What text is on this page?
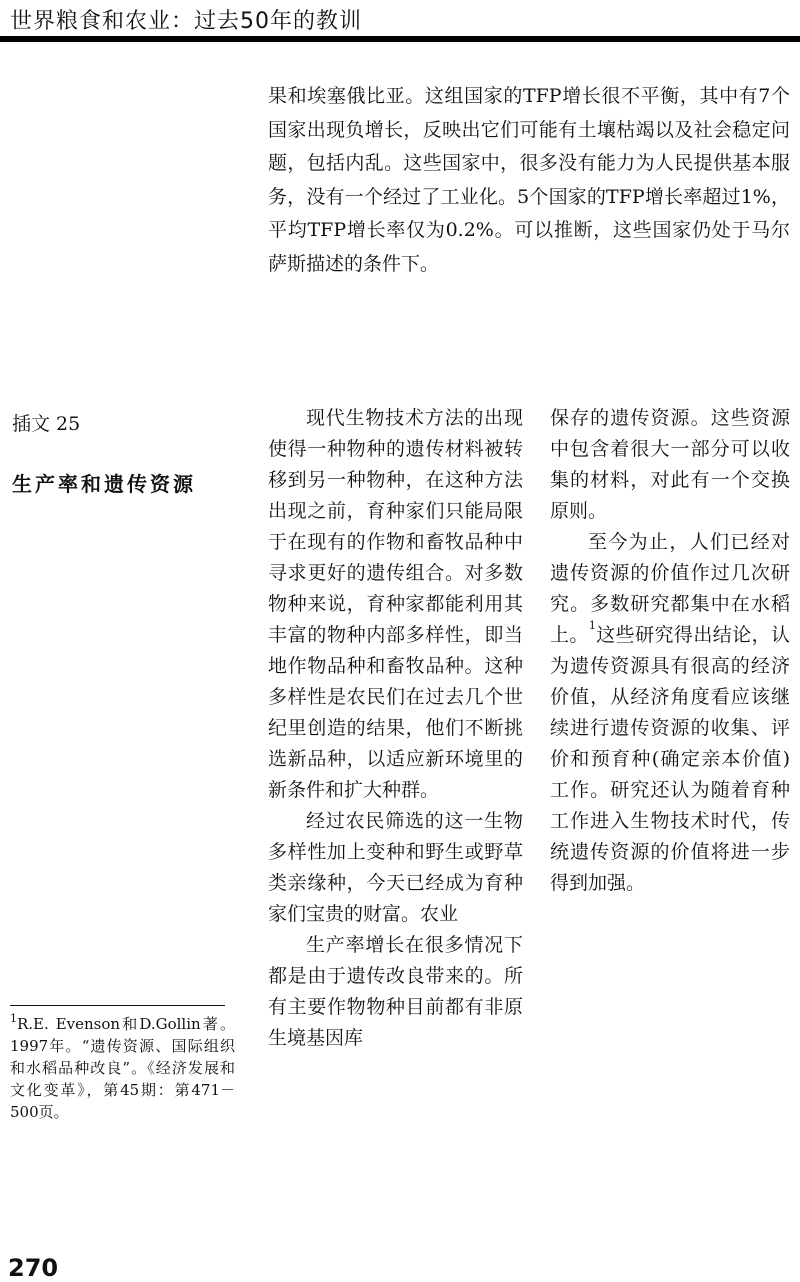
世界粮食和农业：过去50年的教训

果和埃塞俄比亚。这组国家的TFP增长很不平衡，其中有7个国家出现负增长，反映出它们可能有土壤枯竭以及社会稳定问题，包括内乱。这些国家中，很多没有能力为人民提供基本服务，没有一个经过了工业化。5个国家的TFP增长率超过1%，平均TFP增长率仅为0.2%。可以推断，这些国家仍处于马尔萨斯描述的条件下。

插文 25
生产率和遗传资源

现代生物技术方法的出现使得一种物种的遗传材料被转移到另一种物种，在这种方法出现之前，育种家们只能局限于在现有的作物和畜牧品种中寻求更好的遗传组合。对多数物种来说，育种家都能利用其丰富的物种内部多样性，即当地作物品种和畜牧品种。这种多样性是农民们在过去几个世纪里创造的结果，他们不断挑选新品种，以适应新环境里的新条件和扩大种群。

经过农民筛选的这一生物多样性加上变种和野生或野草类亲缘种，今天已经成为育种家们宝贵的财富。农业

生产率增长在很多情况下都是由于遗传改良带来的。所有主要作物物种目前都有非原生境基因库

保存的遗传资源。这些资源中包含着很大一部分可以收集的材料，对此有一个交换原则。

至今为止，人们已经对遗传资源的价值作过几次研究。多数研究都集中在水稻上。$^1$这些研究得出结论，认为遗传资源具有很高的经济价值，从经济角度看应该继续进行遗传资源的收集、评价和预育种(确定亲本价值)工作。研究还认为随着育种工作进入生物技术时代，传统遗传资源的价值将进一步得到加强。

$^1$R.E. Evenson和D.Gollin著。1997年。“遗传资源、国际组织和水稻品种改良”。《经济发展和文化变革》，第45期：第471－500页。

270
